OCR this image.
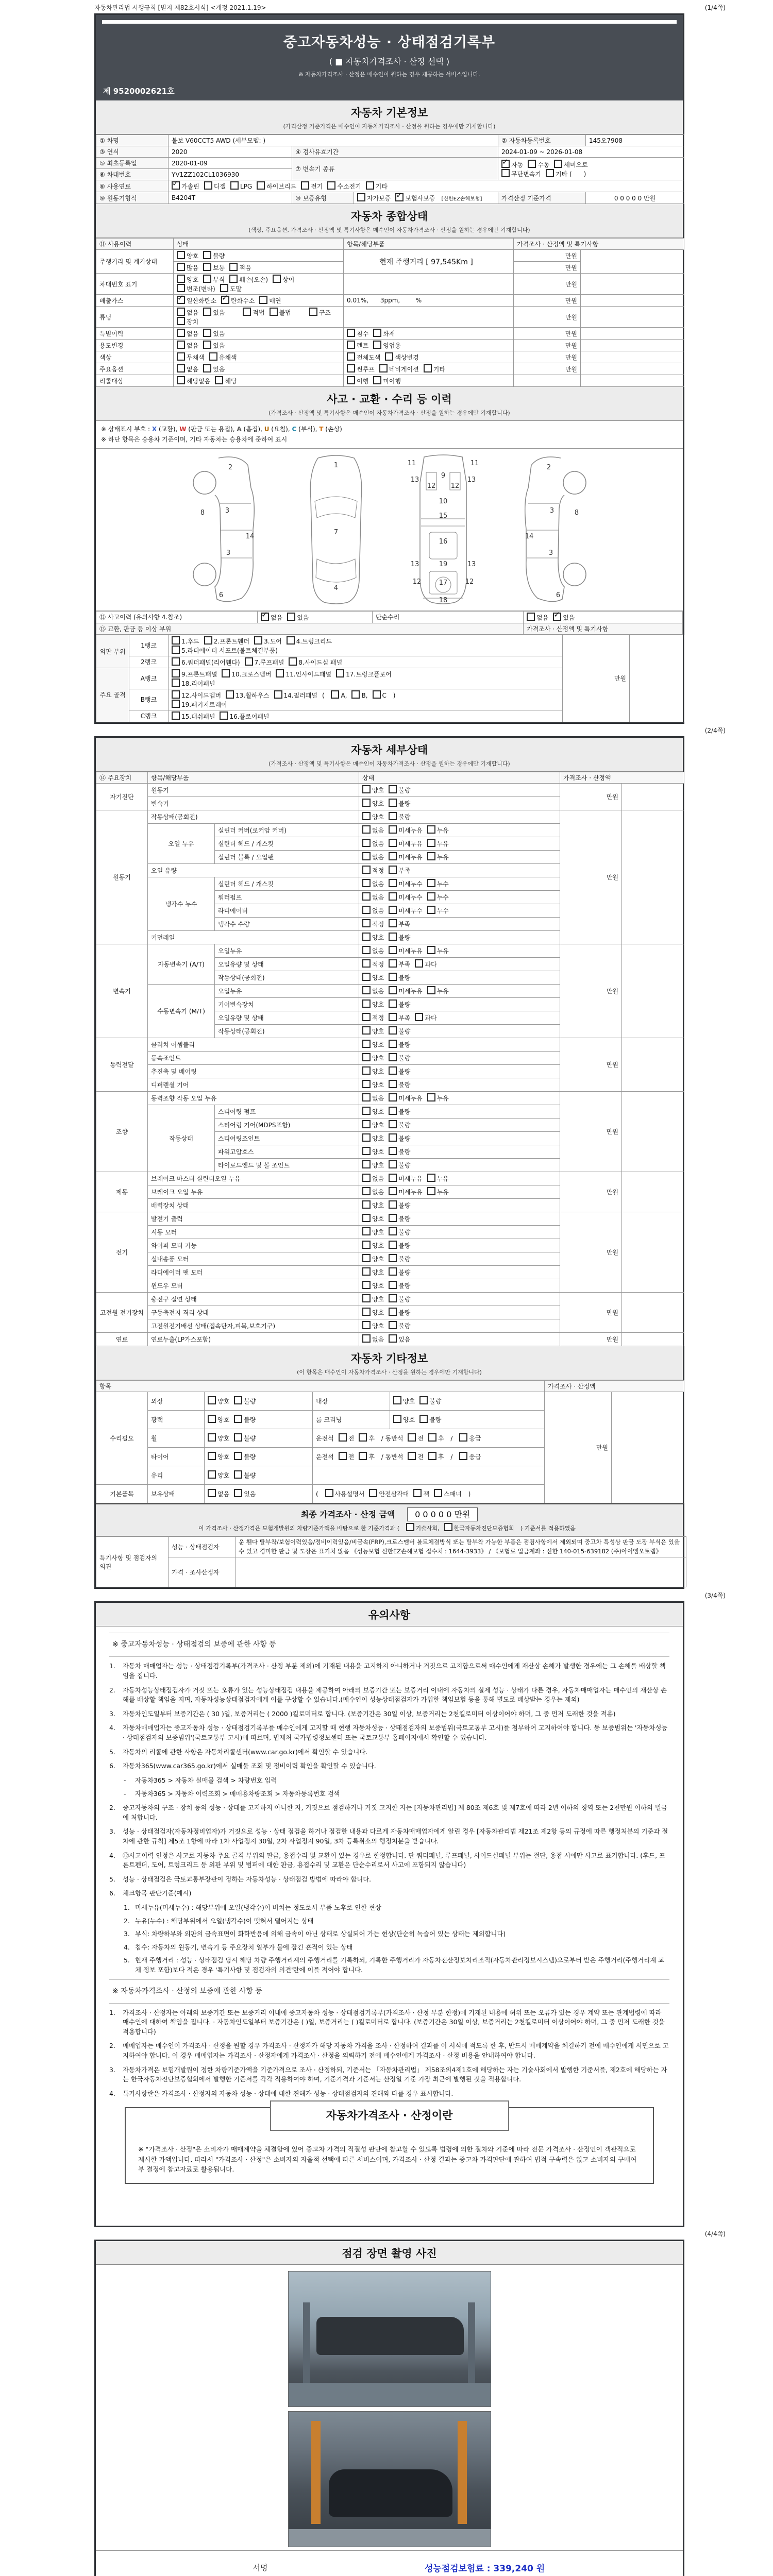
자동차관리법 시행규칙 [별지 제82호서식] <개정 2021.1.19>	(1/4쪽)
중고자동차성능 · 상태점검기록부
( ■ 자동차가격조사 · 산정 선택 )
※ 자동차가격조사 · 산정은 매수인이 원하는 경우 제공하는 서비스입니다.
제 9520002621호
자동차 기본정보
(가격산정 기준가격은 매수인이 자동차가격조사 · 산정을 원하는 경우에만 기재합니다)
① 차명	볼보 V60CCT5 AWD (세부모델: )			② 자동차등록번호	145오7908
③ 연식	2020	④ 검사유효기간		2024-01-09 ~ 2026-01-08	
⑤ 최초등록일	2020-01-09	⑦ 변속기 종류	✓자동 수동 세미오토
무단변속기 기타 (      )
⑥ 차대번호	YV1ZZ102CL1036930				
⑧ 사용연료	✓가솔린 디젤 LPG 하이브리드 전기 수소전기 기타
⑨ 원동기형식	B4204T	⑩ 보증유형	자가보증 ✓ 보험사보증 [신한EZ손해보험]	가격산정 기준가격	0 0 0 0 0 만원
자동차 종합상태
(색상, 주요옵션, 가격조사 · 산정액 및 특기사항은 매수인이 자동차가격조사 · 산정을 원하는 경우에만 기재합니다)
⑪ 사용이력	상태	항목/해당부품	가격조사 · 산정액 및 특기사항	
주행거리 및 계기상태	양호 불량	현재 주행거리 [ 97,545Km ]	만원	
	많음 보통 적음		만원	
차대번호 표기	양호 부식 훼손(오손) 상이변조(변타) 도말		만원	
배출가스	✓일산화탄소 ✓ 탄화수소 매연	0.01%,      3ppm,        %	만원	
튜닝	없음 있음 적법 불법 구조장치		만원	
특별이력	없음 있음	침수 화재	만원	
용도변경	없음 있음	렌트 영업용	만원	
색상	무채색 유채색	전체도색 색상변경	만원	
주요옵션	없음 있음	썬루프 네비게이션 기타	만원	
리콜대상	해당없음 해당	이행 미이행		
사고 · 교환 · 수리 등 이력
(가격조사 · 산정액 및 특기사항은 매수인이 자동차가격조사 · 산정을 원하는 경우에만 기재합니다)
※ 상태표시 부호 : X (교환), W (판금 또는 용접), A (흠집), U (요철), C (부식), T (손상)
※ 하단 항목은 승용차 기준이며, 기타 자동차는 승용차에 준하여 표시
2
8	3
14
3
6
1
7
4
11	11
9
13	13
12 12
10
15
16
13	19	13
12	17	12
18
2
3	8
14
3
6
⑫ 사고이력 (유의사항 4.참조)	✓없음 있음	단순수리	없음 ✓ 있음
⑬ 교환, 판금 등 이상 부위			가격조사 · 산정액 및 특기사항
외판 부위	1랭크	1.후드 2.프론트휀더 3.도어 4.트렁크리드
5.라디에이터 서포트(볼트체결부품)	만원	
	2랭크	6.쿼더패널(리어휀다) 7.루프패널 8.사이드실 패널		
주요 골격	A랭크	9.프론트패널 10.크로스멤버 11.인사이드패널 17.트렁크플로어
18.리어패널		
	B랭크	12.사이드멤버 13.휠하우스 14.필러패널 ( A, B, C )
19.패키지트레이		
	C랭크	15.대쉬패널 16.플로어패널		
(2/4쪽)
자동차 세부상태
(가격조사 · 산정액 및 특기사항은 매수인이 자동차가격조사 · 산정을 원하는 경우에만 기재합니다)
⑭ 주요장치	항목/해당부품		상태	가격조사 · 산정액	
자기진단	원동기		양호 불량	만원	
	변속기		양호 불량		
원동기	작동상태(공회전)		양호 불량	만원	
	오일 누유	실린더 커버(로커암 커버)	없음 미세누유 누유		
		실린더 헤드 / 개스킷	없음 미세누유 누유		
		실린더 블록 / 오일팬	없음 미세누유 누유		
	오일 유량		적정 부족		
	냉각수 누수	실린더 헤드 / 개스킷	없음 미세누수 누수		
		워터펌프	없음 미세누수 누수		
		라디에이터	없음 미세누수 누수		
		냉각수 수량	적정 부족		
	커먼레일		양호 불량		
변속기	자동변속기 (A/T)	오일누유	없음 미세누유 누유	만원	
		오일유량 및 상태	적정 부족 과다		
		작동상태(공회전)	양호 불량		
	수동변속기 (M/T)	오일누유	없음 미세누유 누유		
		기어변속장치	양호 불량		
		오일유량 및 상태	적정 부족 과다		
		작동상태(공회전)	양호 불량		
동력전달	클러치 어셈블리		양호 불량	만원	
	등속죠인트		양호 불량		
	추진축 및 베어링		양호 불량		
	디퍼렌셜 기어		양호 불량		
조향	동력조향 작동 오일 누유		없음 미세누유 누유	만원	
	작동상태	스티어링 펌프	양호 불량		
		스티어링 기어(MDPS포함)	양호 불량		
		스티어링조인트	양호 불량		
		파워고압호스	양호 불량		
		타이로드엔드 및 볼 조인트	양호 불량		
제동	브레이크 마스터 실린더오일 누유		없음 미세누유 누유	만원	
	브레이크 오일 누유		없음 미세누유 누유		
	배력장치 상태		양호 불량		
전기	발전기 출력		양호 불량	만원	
	시동 모터		양호 불량		
	와이퍼 모터 기능		양호 불량		
	실내송풍 모터		양호 불량		
	라디에이터 팬 모터		양호 불량		
	윈도우 모터		양호 불량		
고전원 전기장치	충전구 절연 상태		양호 불량	만원	
	구동축전지 격리 상태		양호 불량		
	고전원전기배선 상태(접속단자,피복,보호기구)		양호 불량		
연료	연료누출(LP가스포함)		없음 있음	만원	
자동차 기타정보
(이 항목은 매수인이 자동차가격조사 · 산정을 원하는 경우에만 기재합니다)
항목					가격조사 · 산정액	
수리필요	외장	양호 불량	내장	양호 불량	만원	
	광택	양호 불량	룸 크리닝	양호 불량		
	휠	양호 불량	운전석 전 후 / 동반석 전 후 / 응급			
	타이어	양호 불량	운전석 전 후 / 동반석 전 후 / 응급			
	유리	양호 불량				
기본품목	보유상태	없음 있음	( 사용설명서 안전삼각대 잭 스패너 )			
최종 가격조사 · 산정 금액 0 0 0 0 0 만원
이 가격조사 · 산정가격은 보험개발원의 차량기준가액을 바탕으로 한 기준가격과 (	기술사회,	한국자동차진단보증협회 ) 기준서를 적용하였음
특기사항 및 점검자의 의견	성능 · 상태점검자	운 휀다 탈부착/보험이력있음/정비이력있음/비금속(FRP),크로스멤버 볼트체결방식 또는 탈부착 가능한 부품은 점검사항에서 제외되며 중고차 특성상 판금 도장 부식은 있을 수 있고 경미한 판금 및 도장은 표기치 않음 《성능보험 신한EZ손해보험 접수처 : 1644-3933》 / 《보험료 입금계좌 : 신한 140-015-639182 (주)아이엠오토랩》
	가격 · 조사산정자	
(3/4쪽)
유의사항
※ 중고자동차성능 · 상태점검의 보증에 관한 사항 등
1.	자동차 매매업자는 성능 · 상태점검기록부(가격조사 · 산정 부분 제외)에 기재된 내용을 고지하지 아니하거나 거짓으로 고지함으로써 매수인에게 재산상 손해가 발생한 경우에는 그 손해를 배상할 책임을 집니다.
2.	자동차성능상태점검자가 거짓 또는 오류가 있는 성능상태점검 내용을 제공하여 아래의 보증기간 또는 보증거리 이내에 자동차의 실제 성능 · 상태가 다른 경우, 자동차매매업자는 매수인의 재산상 손해를 배상할 책임을 지며, 자동차성능상태점검자에게 이를 구상할 수 있습니다.(매수인이 성능상태점검자가 가입한 책임보험 등을 통해 별도로 배상받는 경우는 제외)
3.	자동차인도일부터 보증기간은 ( 30 )일, 보증거리는 ( 2000 )킬로미터로 합니다. (보증기간은 30일 이상, 보증거리는 2천킬로미터 이상이어야 하며, 그 중 먼저 도래한 것을 적용)
4.	자동차매매업자는 중고자동차 성능 · 상태점검기록부를 매수인에게 고지할 때 현행 자동차성능 · 상태점검자의 보증범위(국토교통부 고시)를 첨부하여 고지하여야 합니다. 동 보증범위는 '자동차성능 · 상태점검자의 보증범위'(국토교통부 고시)에 따르며, 법제처 국가법령정보센터 또는 국토교통부 홈페이지에서 확인할 수 있습니다.
5.	자동차의 리콜에 관한 사항은 자동차리콜센터(www.car.go.kr)에서 확인할 수 있습니다.
6.	자동차365(www.car365.go.kr)에서 실매물 조회 및 정비이력 확인을 확인할 수 있습니다.
-	자동차365 > 자동차 실매물 검색 > 차량번호 입력
-	자동차365 > 자동차 이력조회 > 매매용차량조회 > 자동차등록번호 검색
2.	중고자동차의 구조 · 장치 등의 성능 · 상태를 고지하지 아니한 자, 거짓으로 점검하거나 거짓 고지한 자는 [자동차관리법] 제 80조 제6호 및 제7호에 따라 2년 이하의 징역 또는 2천만원 이하의 벌금에 처합니다.
3.	성능 · 상태점검자(자동차정비업자)가 거짓으로 성능 · 상태 점검을 하거나 점검한 내용과 다르게 자동차매매업자에게 알린 경우 [자동차관리법 제21조 제2항 등의 규정에 따른 행정처분의 기준과 절차에 관한 규칙] 제5조 1항에 따라 1차 사업정지 30일, 2차 사업정지 90일, 3차 등록취소의 행정처분을 받습니다.
4.	⑫사고이력 인정은 사고로 자동차 주요 골격 부위의 판금, 용접수리 및 교환이 있는 경우로 한정합니다. 단 쿼터패널, 루프패널, 사이드실패널 부위는 절단, 용접 시에만 사고로 표기합니다. (후드, 프론트펜더, 도어, 트렁크리드 등 외판 부위 및 범퍼에 대한 판금, 용접수리 및 교환은 단순수리로서 사고에 포함되지 않습니다)
5.	성능 · 상태점검은 국토교통부장관이 정하는 자동차성능 · 상태점검 방법에 따라야 합니다.
6.	체크항목 판단기준(예시)
1. 미세누유(미세누수) : 해당부위에 오일(냉각수)이 비치는 정도로서 부품 노후로 인한 현상
2. 누유(누수) : 해당부위에서 오일(냉각수)이 맺혀서 떨어지는 상태
3. 부식: 차량하부와 외판의 금속표면이 화학반응에 의해 금속이 아닌 상태로 상실되어 가는 현상(단순히 녹슬어 있는 상태는 제외합니다)
4. 침수: 자동차의 원동기, 변속기 등 주요장치 일부가 물에 잠긴 흔적이 있는 상태
5. 현재 주행거리 : 성능 · 상태점검 당시 해당 차량 주행거리계의 주행거리를 기록하되, 기록한 주행거리가 자동차전산정보처리조직(자동차관리정보시스템)으로부터 받은 주행거리(주행거리계 교체 정보 포함)보다 적은 경우 '특기사항 및 점검자의 의견'란에 이를 적어야 합니다.
※ 자동차가격조사 · 산정의 보증에 관한 사항 등
1.	가격조사 · 산정자는 아래의 보증기간 또는 보증거리 이내에 중고자동차 성능 · 상태점검기록부(가격조사 · 산정 부분 한정)에 기재된 내용에 허위 또는 오류가 있는 경우 계약 또는 관계법령에 따라 매수인에 대하여 책임을 집니다. · 자동차인도일부터 보증기간은 ( )일, 보증거리는 ( )킬로미터로 합니다. (보증기간은 30일 이상, 보증거리는 2천킬로미터 이상이어야 하며, 그 중 먼저 도래한 것을 적용합니다)
2.	매매업자는 매수인이 가격조사 · 산정을 원할 경우 가격조사 · 산정자가 해당 자동차 가격을 조사 · 산정하여 결과를 이 서식에 적도록 한 후, 반드시 매매계약을 체결하기 전에 매수인에게 서면으로 고지하여야 합니다. 이 경우 매매업자는 가격조사 · 산정자에게 가격조사 · 산정을 의뢰하기 전에 매수인에게 가격조사 · 산정 비용을 안내하여야 합니다.
3.	자동차가격은 보험개발원이 정한 차량기준가액을 기준가격으로 조사 · 산정하되, 기준서는 「자동차관리법」 제58조의4제1호에 해당하는 자는 기술사회에서 발행한 기준서를, 제2호에 해당하는 자는 한국자동차진단보증협회에서 발행한 기준서를 각각 적용하여야 하며, 기준가격과 기준서는 산정일 기준 가장 최근에 발행된 것을 적용합니다.
4.	특기사항란은 가격조사 · 산정자의 자동차 성능 · 상태에 대한 견해가 성능 · 상태점검자의 견해와 다를 경우 표시합니다.
자동차가격조사 · 산정이란
※ "가격조사 · 산정"은 소비자가 매매계약을 체결함에 있어 중고차 가격의 적절성 판단에 참고할 수 있도록 법령에 의한 절차와 기준에 따라 전문 가격조사 · 산정인이 객관적으로 제시한 가액입니다. 따라서 "가격조사 · 산정"은 소비자의 자율적 선택에 따른 서비스이며, 가격조사 · 산정 결과는 중고차 가격판단에 관하여 법적 구속력은 없고 소비자의 구매여부 결정에 참고자료로 활용됩니다.
(4/4쪽)
점검 장면 촬영 사진
서명	성능점검보험료 : 339,240 원
